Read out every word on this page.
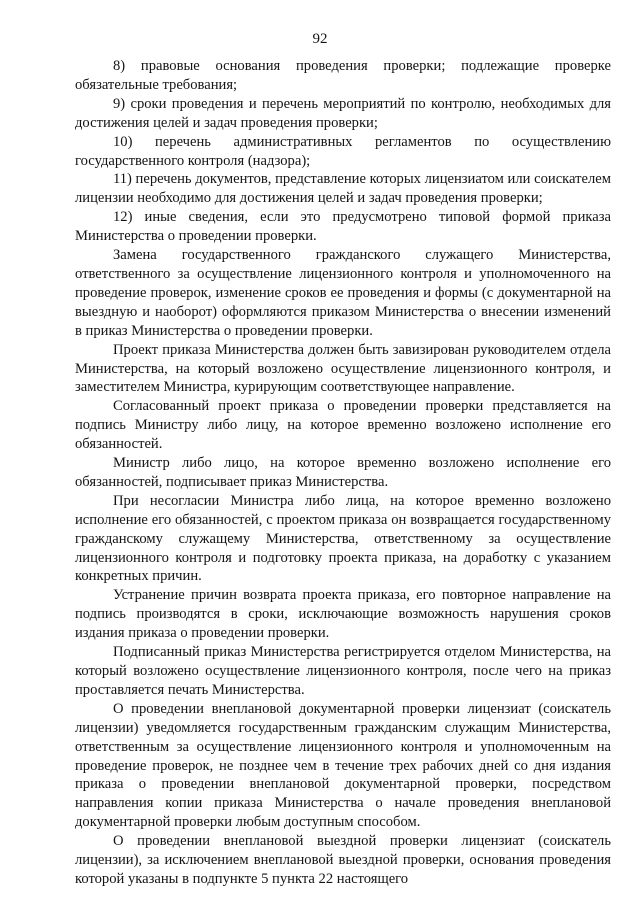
92

8) правовые основания проведения проверки; подлежащие проверке обязательные требования;

9) сроки проведения и перечень мероприятий по контролю, необходимых для достижения целей и задач проведения проверки;

10) перечень административных регламентов по осуществлению государственного контроля (надзора);

11) перечень документов, представление которых лицензиатом или соискателем лицензии необходимо для достижения целей и задач проведения проверки;

12) иные сведения, если это предусмотрено типовой формой приказа Министерства о проведении проверки.

Замена государственного гражданского служащего Министерства, ответственного за осуществление лицензионного контроля и уполномоченного на проведение проверок, изменение сроков ее проведения и формы (с документарной на выездную и наоборот) оформляются приказом Министерства о внесении изменений в приказ Министерства о проведении проверки.

Проект приказа Министерства должен быть завизирован руководителем отдела Министерства, на который возложено осуществление лицензионного контроля, и заместителем Министра, курирующим соответствующее направление.

Согласованный проект приказа о проведении проверки представляется на подпись Министру либо лицу, на которое временно возложено исполнение его обязанностей.

Министр либо лицо, на которое временно возложено исполнение его обязанностей, подписывает приказ Министерства.

При несогласии Министра либо лица, на которое временно возложено исполнение его обязанностей, с проектом приказа он возвращается государственному гражданскому служащему Министерства, ответственному за осуществление лицензионного контроля и подготовку проекта приказа, на доработку с указанием конкретных причин.

Устранение причин возврата проекта приказа, его повторное направление на подпись производятся в сроки, исключающие возможность нарушения сроков издания приказа о проведении проверки.

Подписанный приказ Министерства регистрируется отделом Министерства, на который возложено осуществление лицензионного контроля, после чего на приказ проставляется печать Министерства.

О проведении внеплановой документарной проверки лицензиат (соискатель лицензии) уведомляется государственным гражданским служащим Министерства, ответственным за осуществление лицензионного контроля и уполномоченным на проведение проверок, не позднее чем в течение трех рабочих дней со дня издания приказа о проведении внеплановой документарной проверки, посредством направления копии приказа Министерства о начале проведения внеплановой документарной проверки любым доступным способом.

О проведении внеплановой выездной проверки лицензиат (соискатель лицензии), за исключением внеплановой выездной проверки, основания проведения которой указаны в подпункте 5 пункта 22 настоящего
